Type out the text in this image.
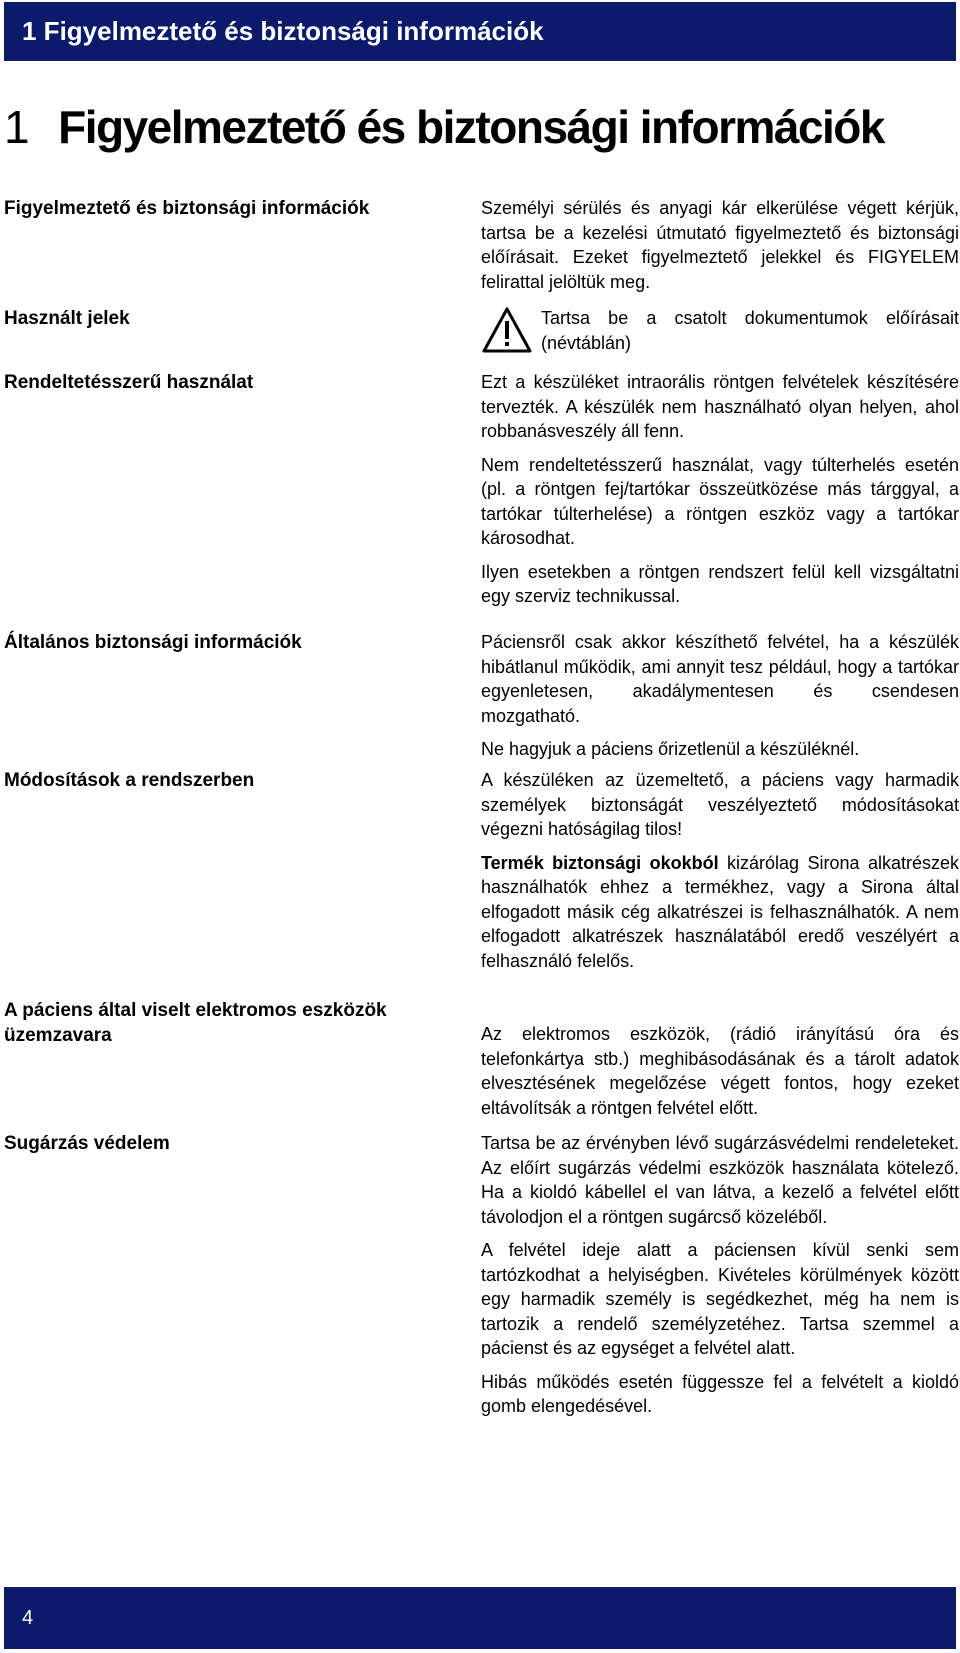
1 Figyelmeztető és biztonsági információk
1 Figyelmeztető és biztonsági információk
Figyelmeztető és biztonsági információk	Személyi sérülés és anyagi kár elkerülése végett kérjük, tartsa be a kezelési útmutató figyelmeztető és biztonsági előírásait. Ezeket figyelmeztető jelekkel és FIGYELEM felirattal jelöltük meg.

Használt jelek	Tartsa be a csatolt dokumentumok előírásait (névtáblán)

Rendeltetésszerű használat	Ezt a készüléket intraorális röntgen felvételek készítésére tervezték. A készülék nem használható olyan helyen, ahol robbanásveszély áll fenn.

Nem rendeltetésszerű használat, vagy túlterhelés esetén (pl. a röntgen fej/tartókar összeütközése más tárggyal, a tartókar túlterhelése) a röntgen eszköz vagy a tartókar károsodhat.

Ilyen esetekben a röntgen rendszert felül kell vizsgáltatni egy szerviz technikussal.

Általános biztonsági információk	Páciensről csak akkor készíthető felvétel, ha a készülék hibátlanul működik, ami annyit tesz például, hogy a tartókar egyenletesen, akadálymentesen és csendesen mozgatható.

Ne hagyjuk a páciens őrizetlenül a készüléknél.

Módosítások a rendszerben	A készüléken az üzemeltető, a páciens vagy harmadik személyek biztonságát veszélyeztető módosításokat végezni hatóságilag tilos!

Termék biztonsági okokból kizárólag Sirona alkatrészek használhatók ehhez a termékhez, vagy a Sirona által elfogadott másik cég alkatrészei is felhasználhatók. A nem elfogadott alkatrészek használatából eredő veszélyért a felhasználó felelős.

A páciens által viselt elektromos eszközök üzemzavara	Az elektromos eszközök, (rádió irányítású óra és telefonkártya stb.) meghibásodásának és a tárolt adatok elvesztésének megelőzése végett fontos, hogy ezeket eltávolítsák a röntgen felvétel előtt.

Sugárzás védelem	Tartsa be az érvényben lévő sugárzásvédelmi rendeleteket. Az előírt sugárzás védelmi eszközök használata kötelező. Ha a kioldó kábellel el van látva, a kezelő a felvétel előtt távolodjon el a röntgen sugárcső közeléből.

A felvétel ideje alatt a páciensen kívül senki sem tartózkodhat a helyiségben. Kivételes körülmények között egy harmadik személy is segédkezhet, még ha nem is tartozik a rendelő személyzetéhez. Tartsa szemmel a pácienst és az egységet a felvétel alatt.

Hibás működés esetén függessze fel a felvételt a kioldó gomb elengedésével.

4
